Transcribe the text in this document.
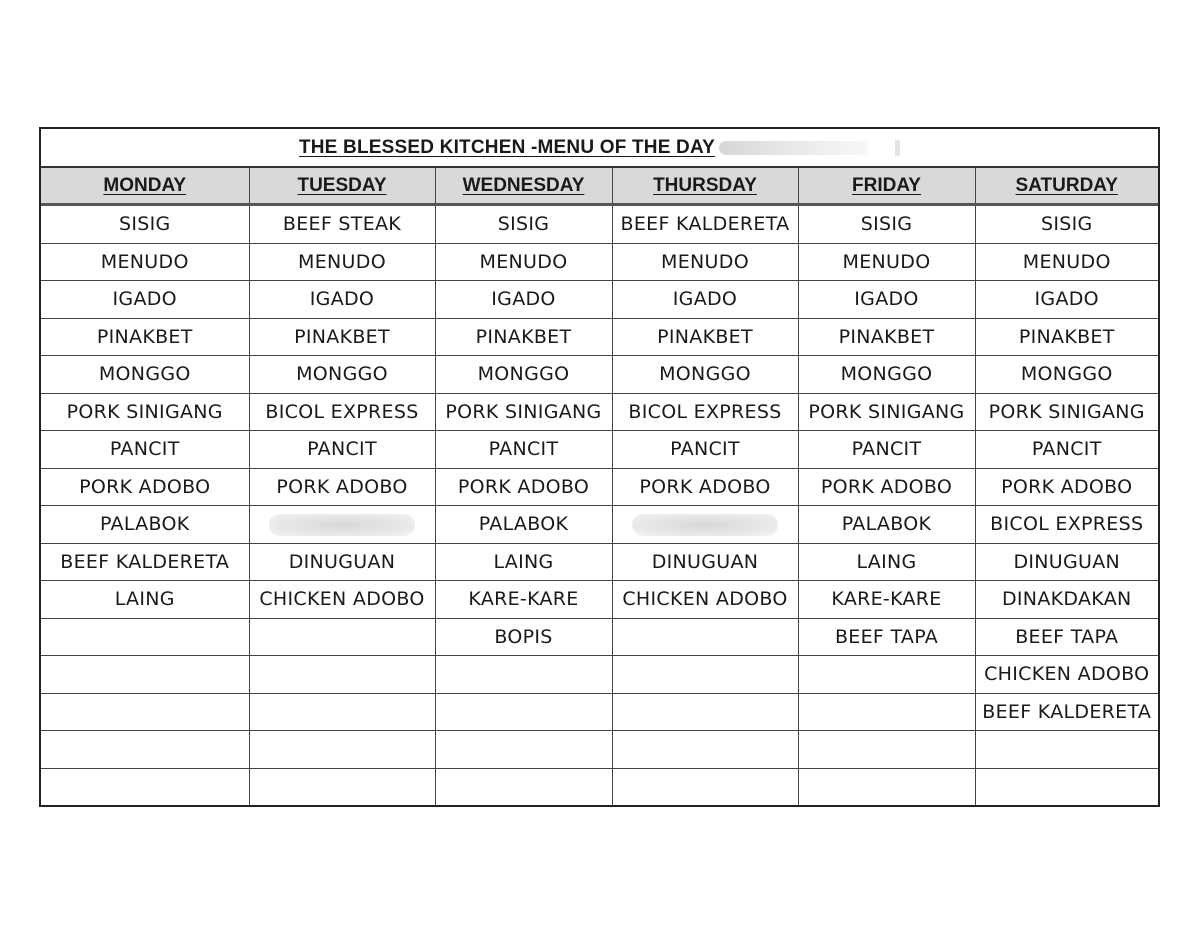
THE BLESSED KITCHEN -MENU OF THE DAY
MONDAY	TUESDAY	WEDNESDAY	THURSDAY	FRIDAY	SATURDAY
SISIG	BEEF STEAK	SISIG	BEEF KALDERETA	SISIG	SISIG
MENUDO	MENUDO	MENUDO	MENUDO	MENUDO	MENUDO
IGADO	IGADO	IGADO	IGADO	IGADO	IGADO
PINAKBET	PINAKBET	PINAKBET	PINAKBET	PINAKBET	PINAKBET
MONGGO	MONGGO	MONGGO	MONGGO	MONGGO	MONGGO
PORK SINIGANG	BICOL EXPRESS	PORK SINIGANG	BICOL EXPRESS	PORK SINIGANG	PORK SINIGANG
PANCIT	PANCIT	PANCIT	PANCIT	PANCIT	PANCIT
PORK ADOBO	PORK ADOBO	PORK ADOBO	PORK ADOBO	PORK ADOBO	PORK ADOBO
PALABOK		PALABOK		PALABOK	BICOL EXPRESS
BEEF KALDERETA	DINUGUAN	LAING	DINUGUAN	LAING	DINUGUAN
LAING	CHICKEN ADOBO	KARE-KARE	CHICKEN ADOBO	KARE-KARE	DINAKDAKAN
		BOPIS		BEEF TAPA	BEEF TAPA
					CHICKEN ADOBO
					BEEF KALDERETA
